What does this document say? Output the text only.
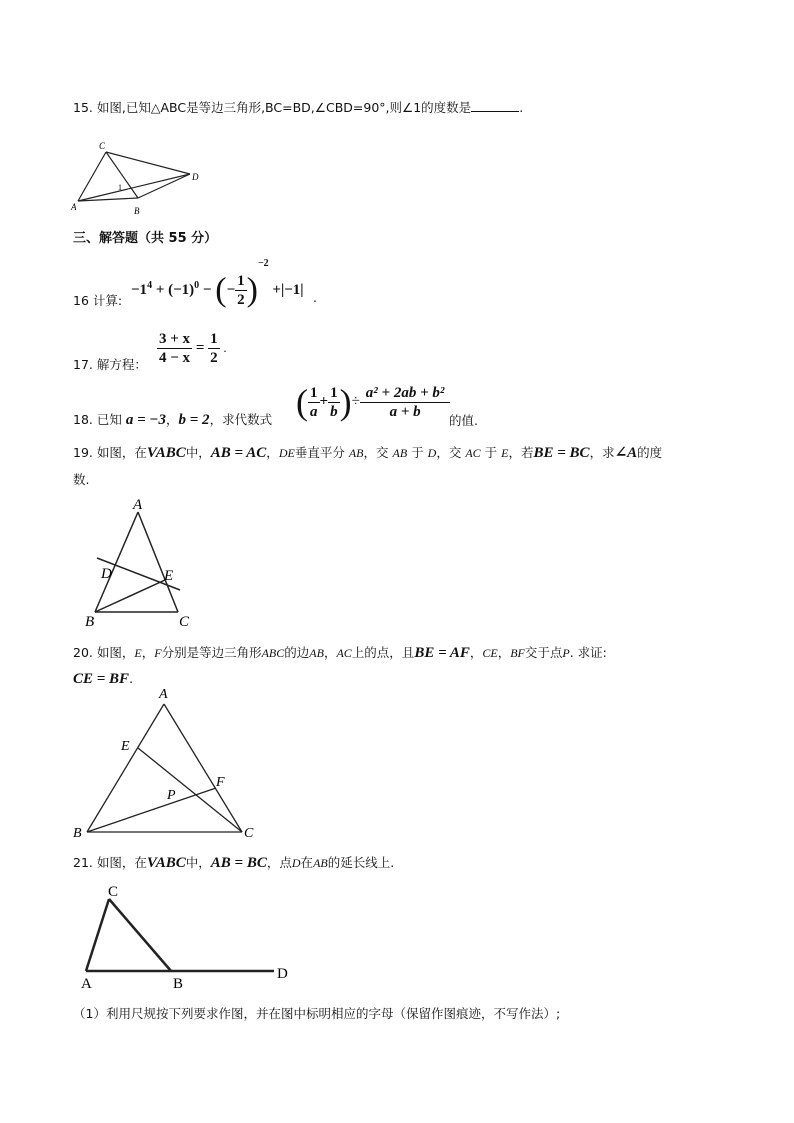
15. 如图,已知△ABC是等边三角形,BC=BD,∠CBD=90°,则∠1的度数是	.
C
A	B
D
1
三、解答题（共 55 分）
$-1^4 + (-1)^0$ − (− $\frac{1}{2} )^{-2} +|-1|$
16 计算:	.
17. 解方程： $\frac{3 + x}{4 - x} = \frac{1}{2}$ .
18. 已知 a = −3，b = 2，求代数式 ( $\frac{1}{a} + \frac{1}{b}$ )÷ $\frac{\text{a² + 2ab + b²}}{a + b}$
的值.
19. 如图，在VABC中，AB = AC，DE垂直平分 AB，交 AB 于 D，交 AC 于 E，若BE = BC，求∠A的度
数.
A
D	E
B	C
20. 如图，E，F分别是等边三角形ABC的边AB，AC上的点，且BE = AF，CE，BF交于点P. 求证:
CE = BF.
A
E
F
P
B	C
21. 如图，在VABC中，AB = BC，点D在AB的延长线上.
C
A	B
D
（1）利用尺规按下列要求作图，并在图中标明相应的字母（保留作图痕迹，不写作法）;
